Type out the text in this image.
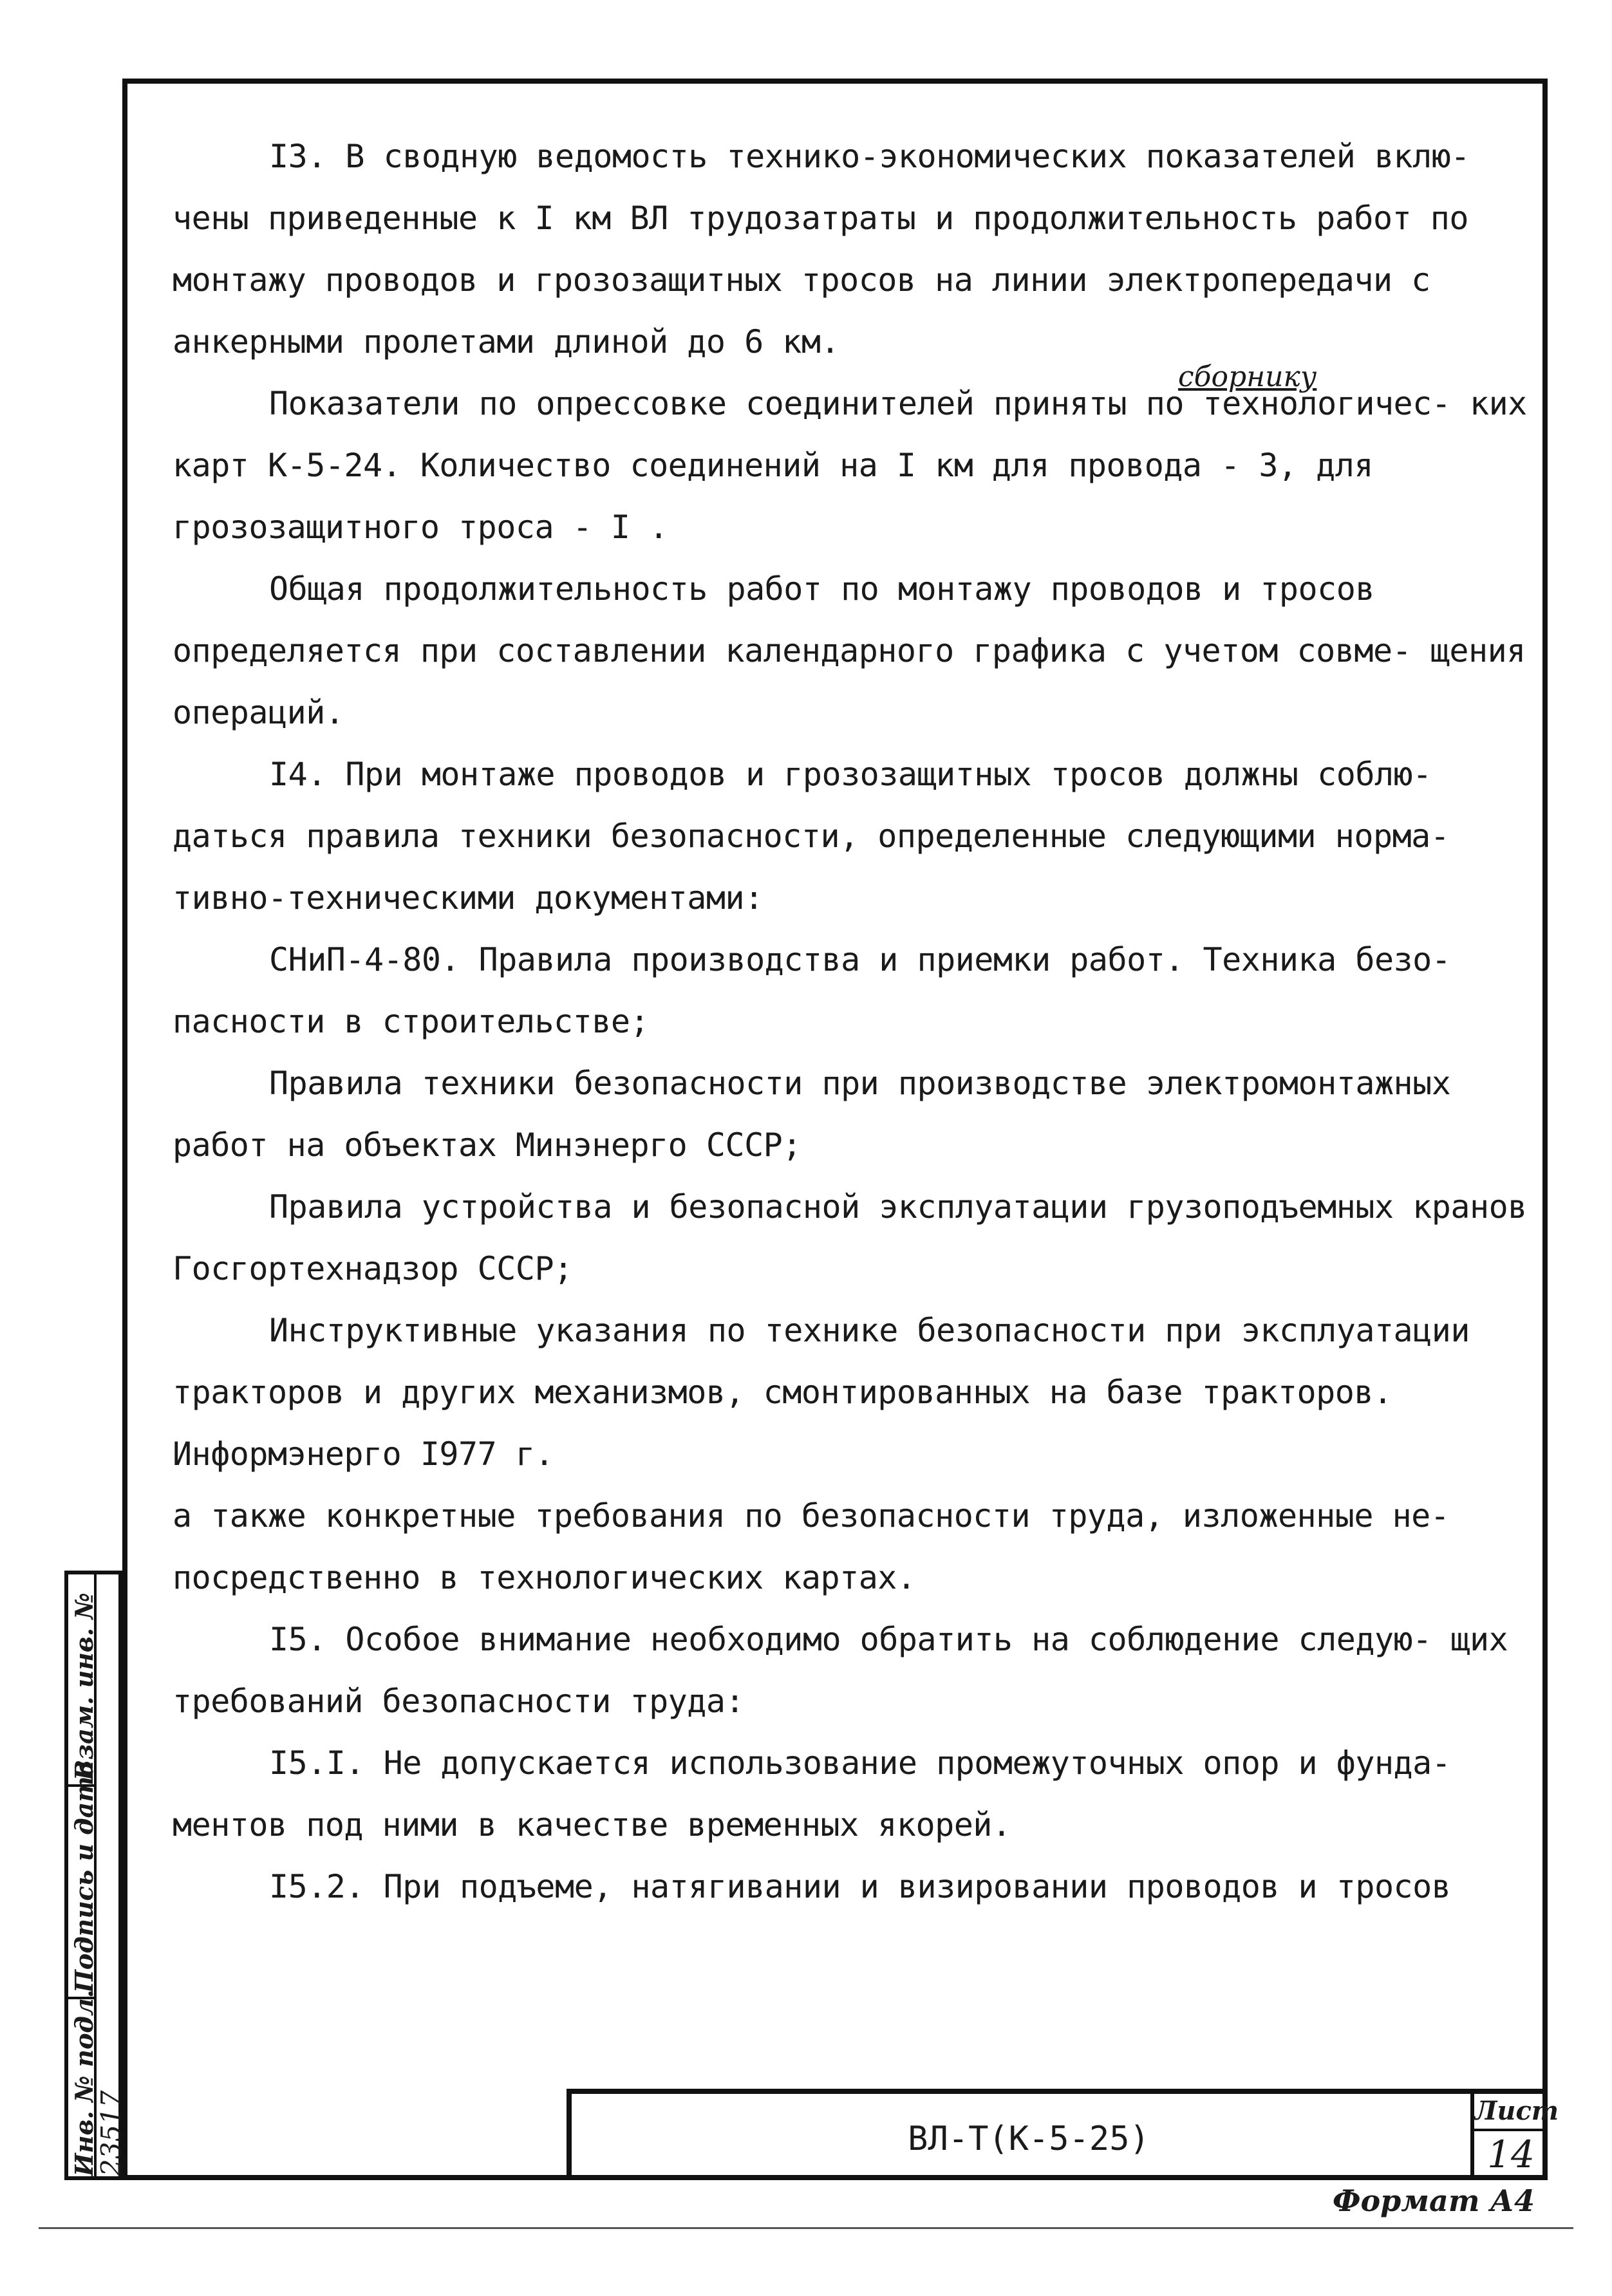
сборнику

I3. В сводную ведомость технико-экономических показателей вклю- чены приведенные к I км ВЛ трудозатраты и продолжительность работ по монтажу проводов и грозозащитных тросов на линии электропередачи с анкерными пролетами длиной до 6 км.

Показатели по опрессовке соединителей приняты по технологичес- ких карт К-5-24. Количество соединений на I км для провода - 3, для грозозащитного троса - I .

Общая продолжительность работ по монтажу проводов и тросов определяется при составлении календарного графика с учетом совме- щения операций.

I4. При монтаже проводов и грозозащитных тросов должны соблю- даться правила техники безопасности, определенные следующими норма- тивно-техническими документами:

СНиП-4-80. Правила производства и приемки работ. Техника безо- пасности в строительстве;

Правила техники безопасности при производстве электромонтажных работ на объектах Минэнерго СССР;

Правила устройства и безопасной эксплуатации грузоподъемных кранов Госгортехнадзор СССР;

Инструктивные указания по технике безопасности при эксплуатации тракторов и других механизмов, смонтированных на базе тракторов. Информэнерго I977 г.

а также конкретные требования по безопасности труда, изложенные не- посредственно в технологических картах.

I5. Особое внимание необходимо обратить на соблюдение следую- щих требований безопасности труда:

I5.I. Не допускается использование промежуточных опор и фунда- ментов под ними в качестве временных якорей.

I5.2. При подъеме, натягивании и визировании проводов и тросов

ВЛ-Т(К-5-25)
Лист
14
Формат А4
Взам. инв. №
Подпись и дата
Инв. № подл.
23517
